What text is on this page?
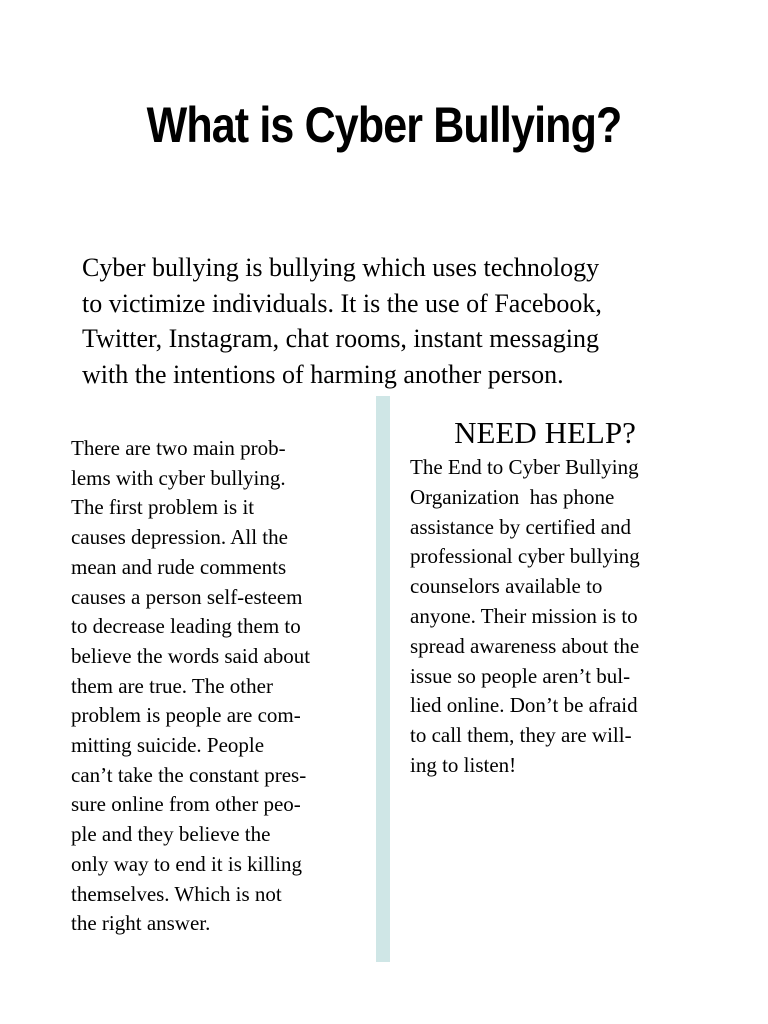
What is Cyber Bullying?

Cyber bullying is bullying which uses technology
to victimize individuals. It is the use of Facebook,
Twitter, Instagram, chat rooms, instant messaging
with the intentions of harming another person.

There are two main prob-
lems with cyber bullying.
The first problem is it
causes depression. All the
mean and rude comments
causes a person self-esteem
to decrease leading them to
believe the words said about
them are true. The other
problem is people are com-
mitting suicide. People
can’t take the constant pres-
sure online from other peo-
ple and they believe the
only way to end it is killing
themselves. Which is not
the right answer.

NEED HELP?

The End to Cyber Bullying
Organization  has phone
assistance by certified and
professional cyber bullying
counselors available to
anyone. Their mission is to
spread awareness about the
issue so people aren’t bul-
lied online. Don’t be afraid
to call them, they are will-
ing to listen!
